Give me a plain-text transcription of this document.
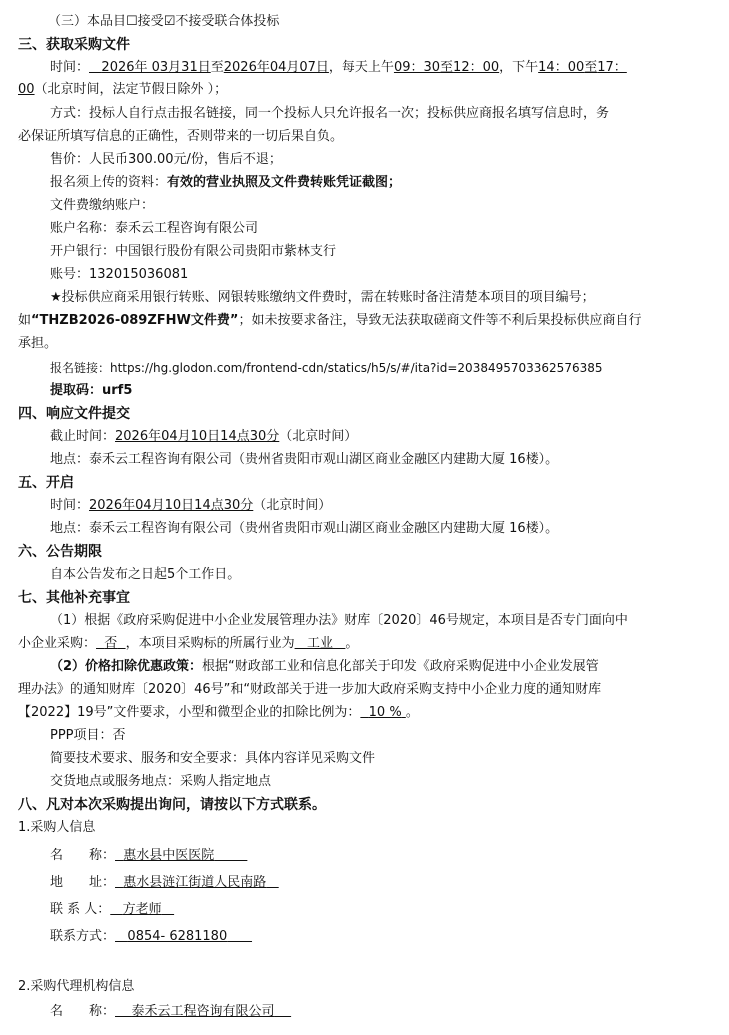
（三）本品目☐接受☑不接受联合体投标
三、获取采购文件
时间： 2026年 03月31日至2026年04月07日，每天上午09：30至12：00，下午14：00至17：
00（北京时间，法定节假日除外 ）；
方式：投标人自行点击报名链接，同一个投标人只允许报名一次；投标供应商报名填写信息时，务
必保证所填写信息的正确性，否则带来的一切后果自负。
售价：人民币300.00元/份，售后不退；
报名须上传的资料：有效的营业执照及文件费转账凭证截图；
文件费缴纳账户：
账户名称：泰禾云工程咨询有限公司
开户银行：中国银行股份有限公司贵阳市紫林支行
账号：132015036081
★投标供应商采用银行转账、网银转账缴纳文件费时，需在转账时备注清楚本项目的项目编号；
如“THZB2026-089ZFHW文件费”；如未按要求备注，导致无法获取磋商文件等不利后果投标供应商自行
承担。
报名链接：https://hg.glodon.com/frontend-cdn/statics/h5/s/#/ita?id=2038495703362576385
提取码：urf5
四、响应文件提交
截止时间：2026年04月10日14点30分（北京时间）
地点：泰禾云工程咨询有限公司（贵州省贵阳市观山湖区商业金融区内建勘大厦 16楼）。
五、开启
时间：2026年04月10日14点30分（北京时间）
地点：泰禾云工程咨询有限公司（贵州省贵阳市观山湖区商业金融区内建勘大厦 16楼）。
六、公告期限
自本公告发布之日起5个工作日。
七、其他补充事宜
（1）根据《政府采购促进中小企业发展管理办法》财库〔2020〕46号规定，本项目是否专门面向中
小企业采购： 否 ，本项目采购标的所属行业为 工业 。
（2）价格扣除优惠政策：根据“财政部工业和信息化部关于印发《政府采购促进中小企业发展管
理办法》的通知财库〔2020〕46号”和“财政部关于进一步加大政府采购支持中小企业力度的通知财库
【2022】19号”文件要求，小型和微型企业的扣除比例为： 10 % 。
PPP项目：否
简要技术要求、服务和安全要求：具体内容详见采购文件
交货地点或服务地点：采购人指定地点
八、凡对本次采购提出询问，请按以下方式联系。
1.采购人信息
名　　称： 惠水县中医医院
地　　址： 惠水县涟江街道人民南路
联 系 人： 方老师
联系方式： 0854- 6281180
2.采购代理机构信息
名　　称： 泰禾云工程咨询有限公司
